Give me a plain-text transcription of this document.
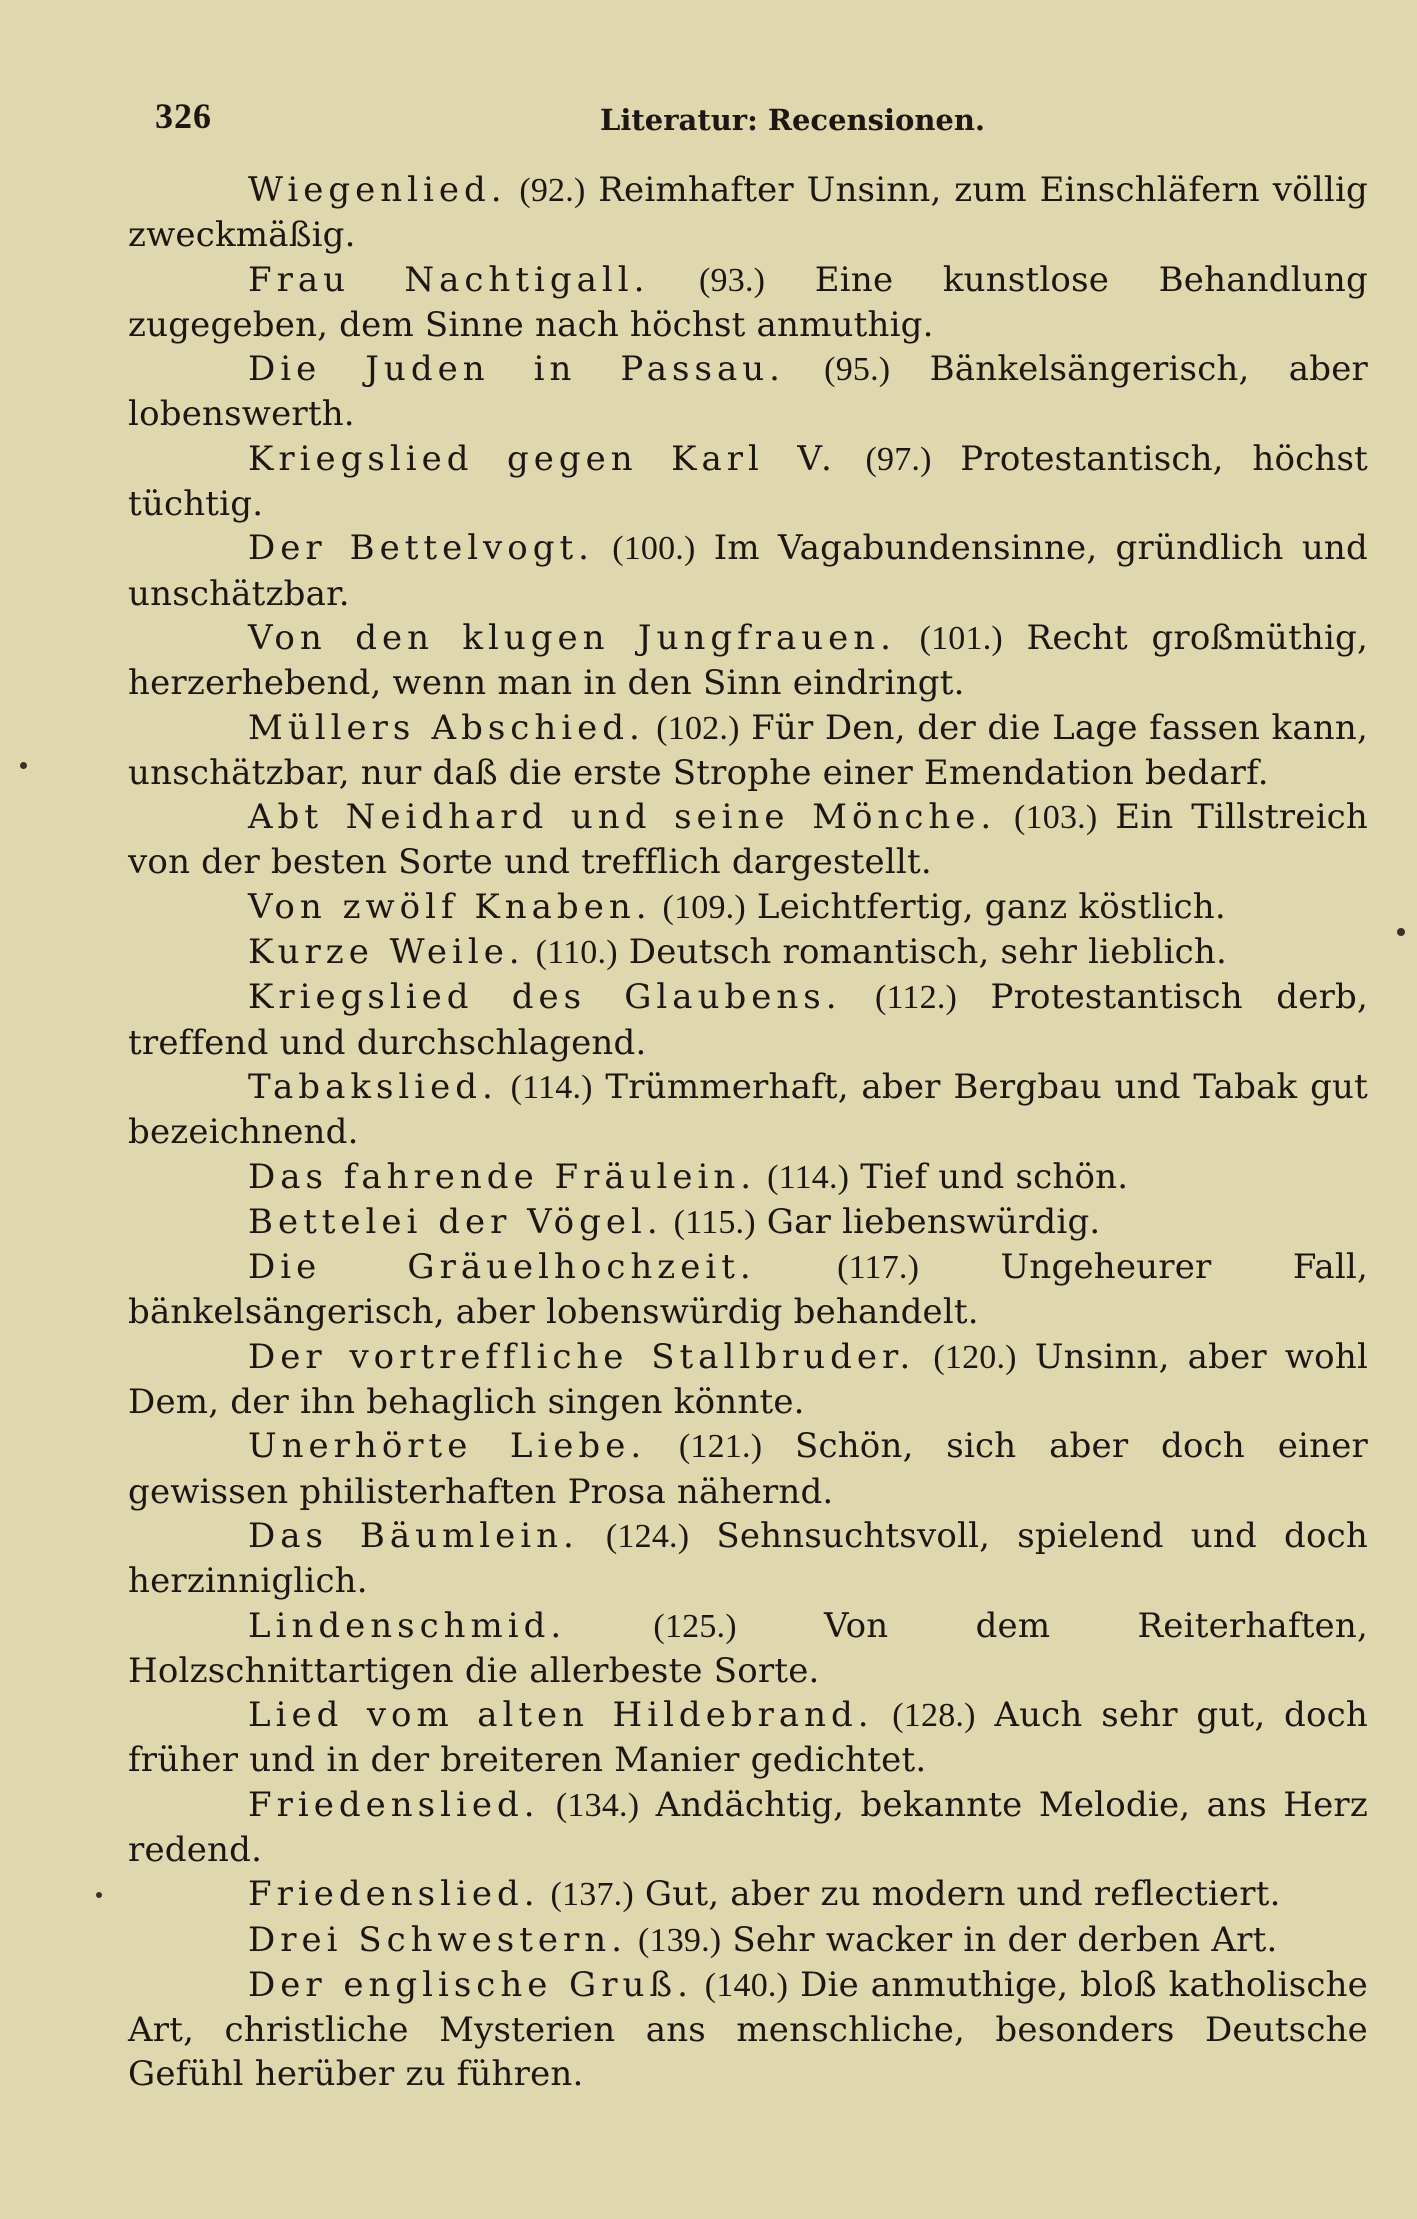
326	Literatur: Recensionen.

Wiegenlied. (92.) Reimhafter Unsinn, zum Einschläfern völlig zweckmäßig.

Frau Nachtigall. (93.) Eine kunstlose Behandlung zugegeben, dem Sinne nach höchst anmuthig.

Die Juden in Passau. (95.) Bänkelsängerisch, aber lobenswerth.

Kriegslied gegen Karl V. (97.) Protestantisch, höchst tüchtig.

Der Bettelvogt. (100.) Im Vagabundensinne, gründlich und unschätzbar.

Von den klugen Jungfrauen. (101.) Recht großmüthig, herzerhebend, wenn man in den Sinn eindringt.

Müllers Abschied. (102.) Für Den, der die Lage fassen kann, unschätzbar, nur daß die erste Strophe einer Emendation bedarf.

Abt Neidhard und seine Mönche. (103.) Ein Tillstreich von der besten Sorte und trefflich dargestellt.

Von zwölf Knaben. (109.) Leichtfertig, ganz köstlich.

Kurze Weile. (110.) Deutsch romantisch, sehr lieblich.

Kriegslied des Glaubens. (112.) Protestantisch derb, treffend und durchschlagend.

Tabakslied. (114.) Trümmerhaft, aber Bergbau und Tabak gut bezeichnend.

Das fahrende Fräulein. (114.) Tief und schön.

Bettelei der Vögel. (115.) Gar liebenswürdig.

Die Gräuelhochzeit. (117.) Ungeheurer Fall, bänkelsängerisch, aber lobenswürdig behandelt.

Der vortreffliche Stallbruder. (120.) Unsinn, aber wohl Dem, der ihn behaglich singen könnte.

Unerhörte Liebe. (121.) Schön, sich aber doch einer gewissen philisterhaften Prosa nähernd.

Das Bäumlein. (124.) Sehnsuchtsvoll, spielend und doch herzinniglich.

Lindenschmid.	(125.)	Von dem Reiterhaften, Holzschnittartigen die allerbeste Sorte.

Lied vom alten Hildebrand. (128.) Auch sehr gut, doch früher und in der breiteren Manier gedichtet.

Friedenslied. (134.) Andächtig, bekannte Melodie, ans Herz redend.

Friedenslied. (137.) Gut, aber zu modern und reflectiert.

Drei Schwestern. (139.) Sehr wacker in der derben Art.

Der englische Gruß. (140.) Die anmuthige, bloß katholische Art, christliche Mysterien ans menschliche, besonders Deutsche Gefühl herüber zu führen.
